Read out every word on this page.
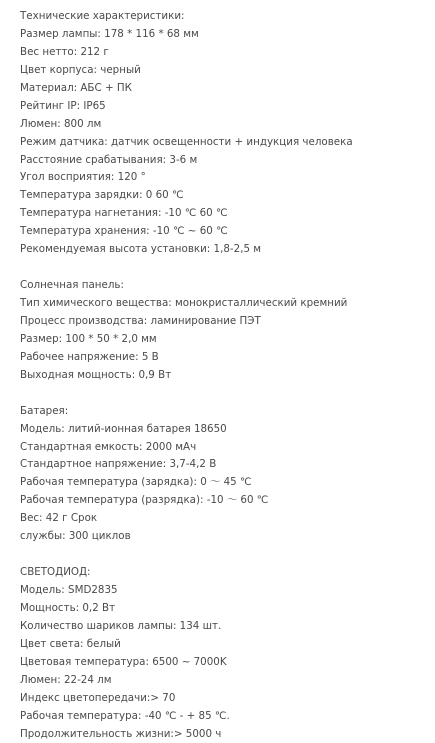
Технические характеристики:
Размер лампы: 178 * 116 * 68 мм
Вес нетто: 212 г
Цвет корпуса: черный
Материал: АБС + ПК
Рейтинг IP: IP65
Люмен: 800 лм
Режим датчика: датчик освещенности + индукция человека
Расстояние срабатывания: 3-6 м
Угол восприятия: 120 °
Температура зарядки: 0 60 ℃
Температура нагнетания: -10 ℃ 60 ℃
Температура хранения: -10 ℃ ~ 60 ℃
Рекомендуемая высота установки: 1,8-2,5 м
Солнечная панель:
Тип химического вещества: монокристаллический кремний
Процесс производства: ламинирование ПЭТ
Размер: 100 * 50 * 2,0 мм
Рабочее напряжение: 5 В
Выходная мощность: 0,9 Вт
Батарея:
Модель: литий-ионная батарея 18650
Стандартная емкость: 2000 мАч
Стандартное напряжение: 3,7-4,2 В
Рабочая температура (зарядка): 0 〜 45 ℃
Рабочая температура (разрядка): -10 〜 60 ℃
Вес: 42 г Срок
службы: 300 циклов
СВЕТОДИОД:
Модель: SMD2835
Мощность: 0,2 Вт
Количество шариков лампы: 134 шт.
Цвет света: белый
Цветовая температура: 6500 ~ 7000K
Люмен: 22-24 лм
Индекс цветопередачи:> 70
Рабочая температура: -40 ℃ - + 85 ℃.
Продолжительность жизни:> 5000 ч
